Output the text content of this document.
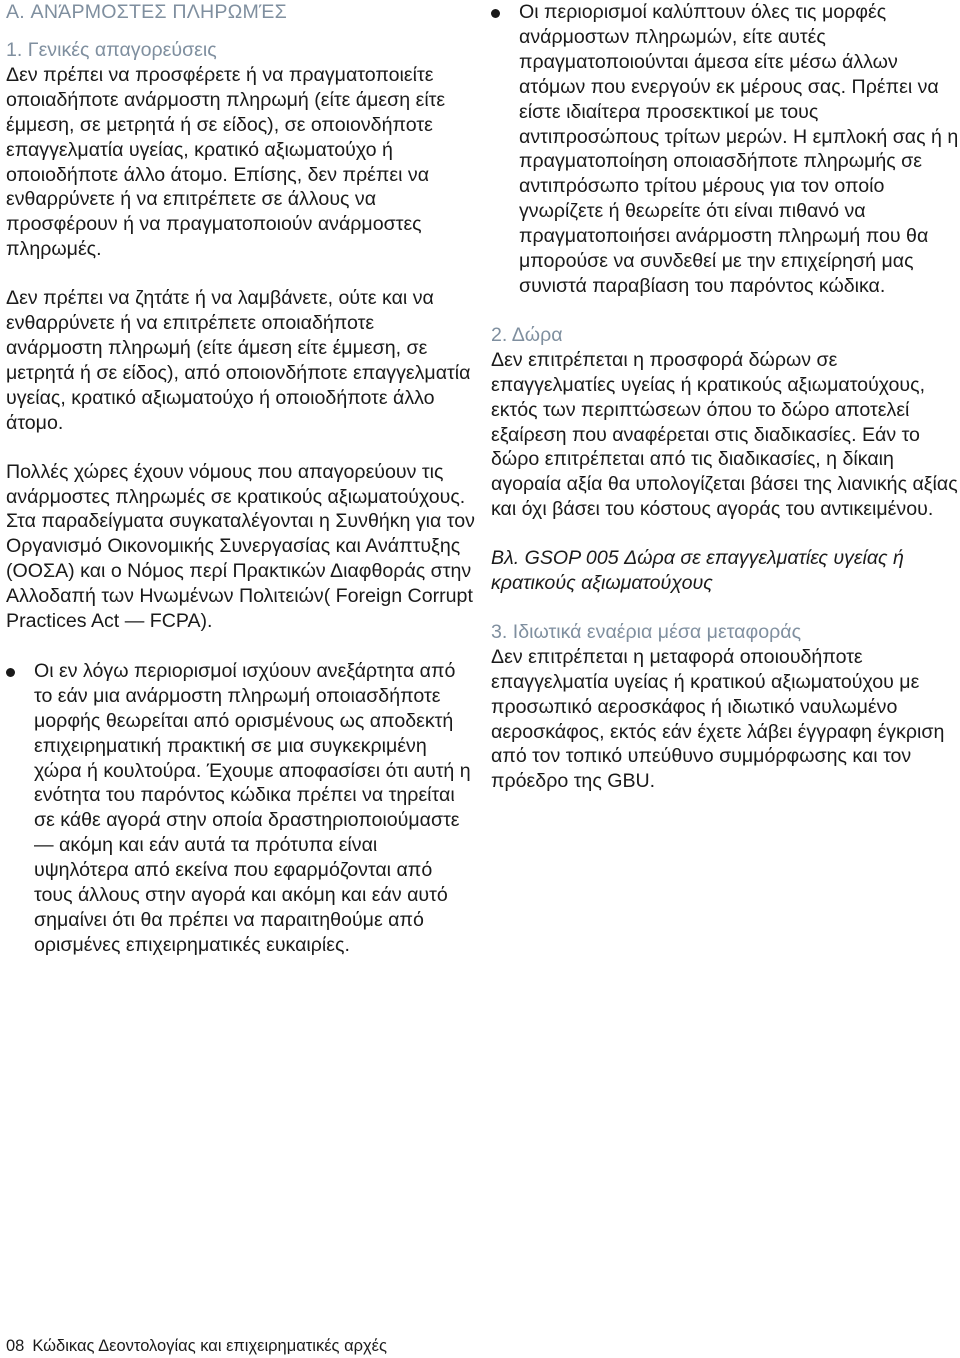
A. ΑΝΆΡΜΟΣΤΕΣ ΠΛΗΡΩΜΈΣ
1. Γενικές απαγορεύσεις

Δεν πρέπει να προσφέρετε ή να πραγματοποιείτε οποιαδήποτε ανάρμοστη πληρωμή (είτε άμεση είτε έμμεση, σε μετρητά ή σε είδος), σε οποιονδήποτε επαγγελματία υγείας, κρατικό αξιωματούχο ή οποιοδήποτε άλλο άτομο. Επίσης, δεν πρέπει να ενθαρρύνετε ή να επιτρέπετε σε άλλους να προσφέρουν ή να πραγματοποιούν ανάρμοστες πληρωμές.

Δεν πρέπει να ζητάτε ή να λαμβάνετε, ούτε και να ενθαρρύνετε ή να επιτρέπετε οποιαδήποτε ανάρμοστη πληρωμή (είτε άμεση είτε έμμεση, σε μετρητά ή σε είδος), από οποιονδήποτε επαγγελματία υγείας, κρατικό αξιωματούχο ή οποιοδήποτε άλλο άτομο.

Πολλές χώρες έχουν νόμους που απαγορεύουν τις ανάρμοστες πληρωμές σε κρατικούς αξιωματούχους. Στα παραδείγματα συγκαταλέγονται η Συνθήκη για τον Οργανισμό Οικονομικής Συνεργασίας και Ανάπτυξης (ΟΟΣΑ) και ο Νόμος περί Πρακτικών Διαφθοράς στην Αλλοδαπή των Ηνωμένων Πολιτειών( Foreign Corrupt Practices Act — FCPA).

Οι εν λόγω περιορισμοί ισχύουν ανεξάρτητα από το εάν μια ανάρμοστη πληρωμή οποιασδήποτε μορφής θεωρείται από ορισμένους ως αποδεκτή επιχειρηματική πρακτική σε μια συγκεκριμένη χώρα ή κουλτούρα. Έχουμε αποφασίσει ότι αυτή η ενότητα του παρόντος κώδικα πρέπει να τηρείται σε κάθε αγορά στην οποία δραστηριοποιούμαστε — ακόμη και εάν αυτά τα πρότυπα είναι υψηλότερα από εκείνα που εφαρμόζονται από τους άλλους στην αγορά και ακόμη και εάν αυτό σημαίνει ότι θα πρέπει να παραιτηθούμε από ορισμένες επιχειρηματικές ευκαιρίες.
Οι περιορισμοί καλύπτουν όλες τις μορφές ανάρμοστων πληρωμών, είτε αυτές πραγματοποιούνται άμεσα είτε μέσω άλλων ατόμων που ενεργούν εκ μέρους σας. Πρέπει να είστε ιδιαίτερα προσεκτικοί με τους αντιπροσώπους τρίτων μερών. Η εμπλοκή σας ή η πραγματοποίηση οποιασδήποτε πληρωμής σε αντιπρόσωπο τρίτου μέρους για τον οποίο γνωρίζετε ή θεωρείτε ότι είναι πιθανό να πραγματοποιήσει ανάρμοστη πληρωμή που θα μπορούσε να συνδεθεί με την επιχείρησή μας συνιστά παραβίαση του παρόντος κώδικα.
2. Δώρα

Δεν επιτρέπεται η προσφορά δώρων σε επαγγελματίες υγείας ή κρατικούς αξιωματούχους, εκτός των περιπτώσεων όπου το δώρο αποτελεί εξαίρεση που αναφέρεται στις διαδικασίες. Εάν το δώρο επιτρέπεται από τις διαδικασίες, η δίκαιη αγοραία αξία θα υπολογίζεται βάσει της λιανικής αξίας και όχι βάσει του κόστους αγοράς του αντικειμένου.

Βλ. GSOP 005 Δώρα σε επαγγελματίες υγείας ή κρατικούς αξιωματούχους

3. Ιδιωτικά εναέρια μέσα μεταφοράς

Δεν επιτρέπεται η μεταφορά οποιουδήποτε επαγγελματία υγείας ή κρατικού αξιωματούχου με προσωπικό αεροσκάφος ή ιδιωτικό ναυλωμένο αεροσκάφος, εκτός εάν έχετε λάβει έγγραφη έγκριση από τον τοπικό υπεύθυνο συμμόρφωσης και τον πρόεδρο της GBU.

08 Κώδικας Δεοντολογίας και επιχειρηματικές αρχές
